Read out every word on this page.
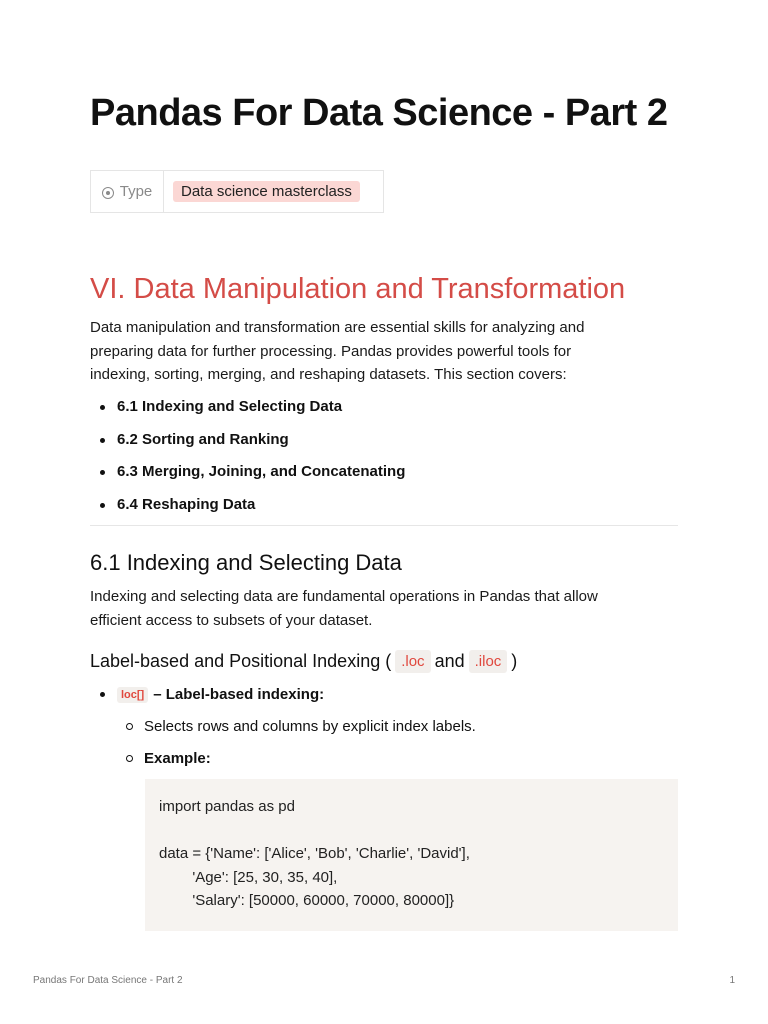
Pandas For Data Science - Part 2
Type	Data science masterclass
VI. Data Manipulation and Transformation
Data manipulation and transformation are essential skills for analyzing and
preparing data for further processing. Pandas provides powerful tools for
indexing, sorting, merging, and reshaping datasets. This section covers:
6.1 Indexing and Selecting Data
6.2 Sorting and Ranking
6.3 Merging, Joining, and Concatenating
6.4 Reshaping Data
6.1 Indexing and Selecting Data
Indexing and selecting data are fundamental operations in Pandas that allow
efficient access to subsets of your dataset.
Label-based and Positional Indexing ( .loc and .iloc )
loc[] – Label-based indexing:
Selects rows and columns by explicit index labels.
Example:
import pandas as pd
data = {'Name': ['Alice', 'Bob', 'Charlie', 'David'],
'Age': [25, 30, 35, 40],
'Salary': [50000, 60000, 70000, 80000]}
Pandas For Data Science - Part 2	1
